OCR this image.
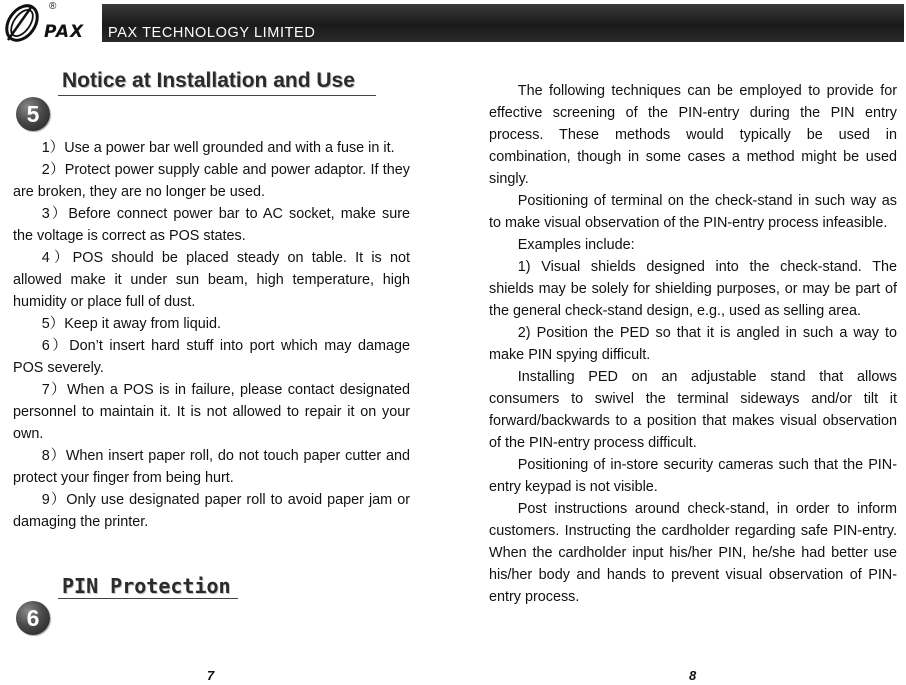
®
PAX PAX TECHNOLOGY LIMITED
5
Notice at Installation and Use

1）Use a power bar well grounded and with a fuse in it.

2）Protect power supply cable and power adaptor. If they are broken, they are no longer be used.

3）Before connect power bar to AC socket, make sure the voltage is correct as POS states.

4）POS should be placed steady on table. It is not allowed make it under sun beam, high temperature, high humidity or place full of dust.

5）Keep it away from liquid.

6）Don’t insert hard stuff into port which may damage POS severely.

7）When a POS is in failure, please contact designated personnel to maintain it. It is not allowed to repair it on your own.

8）When insert paper roll, do not touch paper cutter and protect your finger from being hurt.

9）Only use designated paper roll to avoid paper jam or damaging the printer.

6
PIN Protection

The following techniques can be employed to provide for effective screening of the PIN-entry during the PIN entry process. These methods would typically be used in combination, though in some cases a method might be used singly.

Positioning of terminal on the check-stand in such way as to make visual observation of the PIN-entry process infeasible.

Examples include:

1) Visual shields designed into the check-stand. The shields may be solely for shielding purposes, or may be part of the general check-stand design, e.g., used as selling area.

2) Position the PED so that it is angled in such a way to make PIN spying difficult.

Installing PED on an adjustable stand that allows consumers to swivel the terminal sideways and/or tilt it forward/backwards to a position that makes visual observation of the PIN-entry process difficult.

Positioning of in-store security cameras such that the PIN-entry keypad is not visible.

Post instructions around check-stand, in order to inform customers. Instructing the cardholder regarding safe PIN-entry. When the cardholder input his/her PIN, he/she had better use his/her body and hands to prevent visual observation of PIN-entry process.

7	8
